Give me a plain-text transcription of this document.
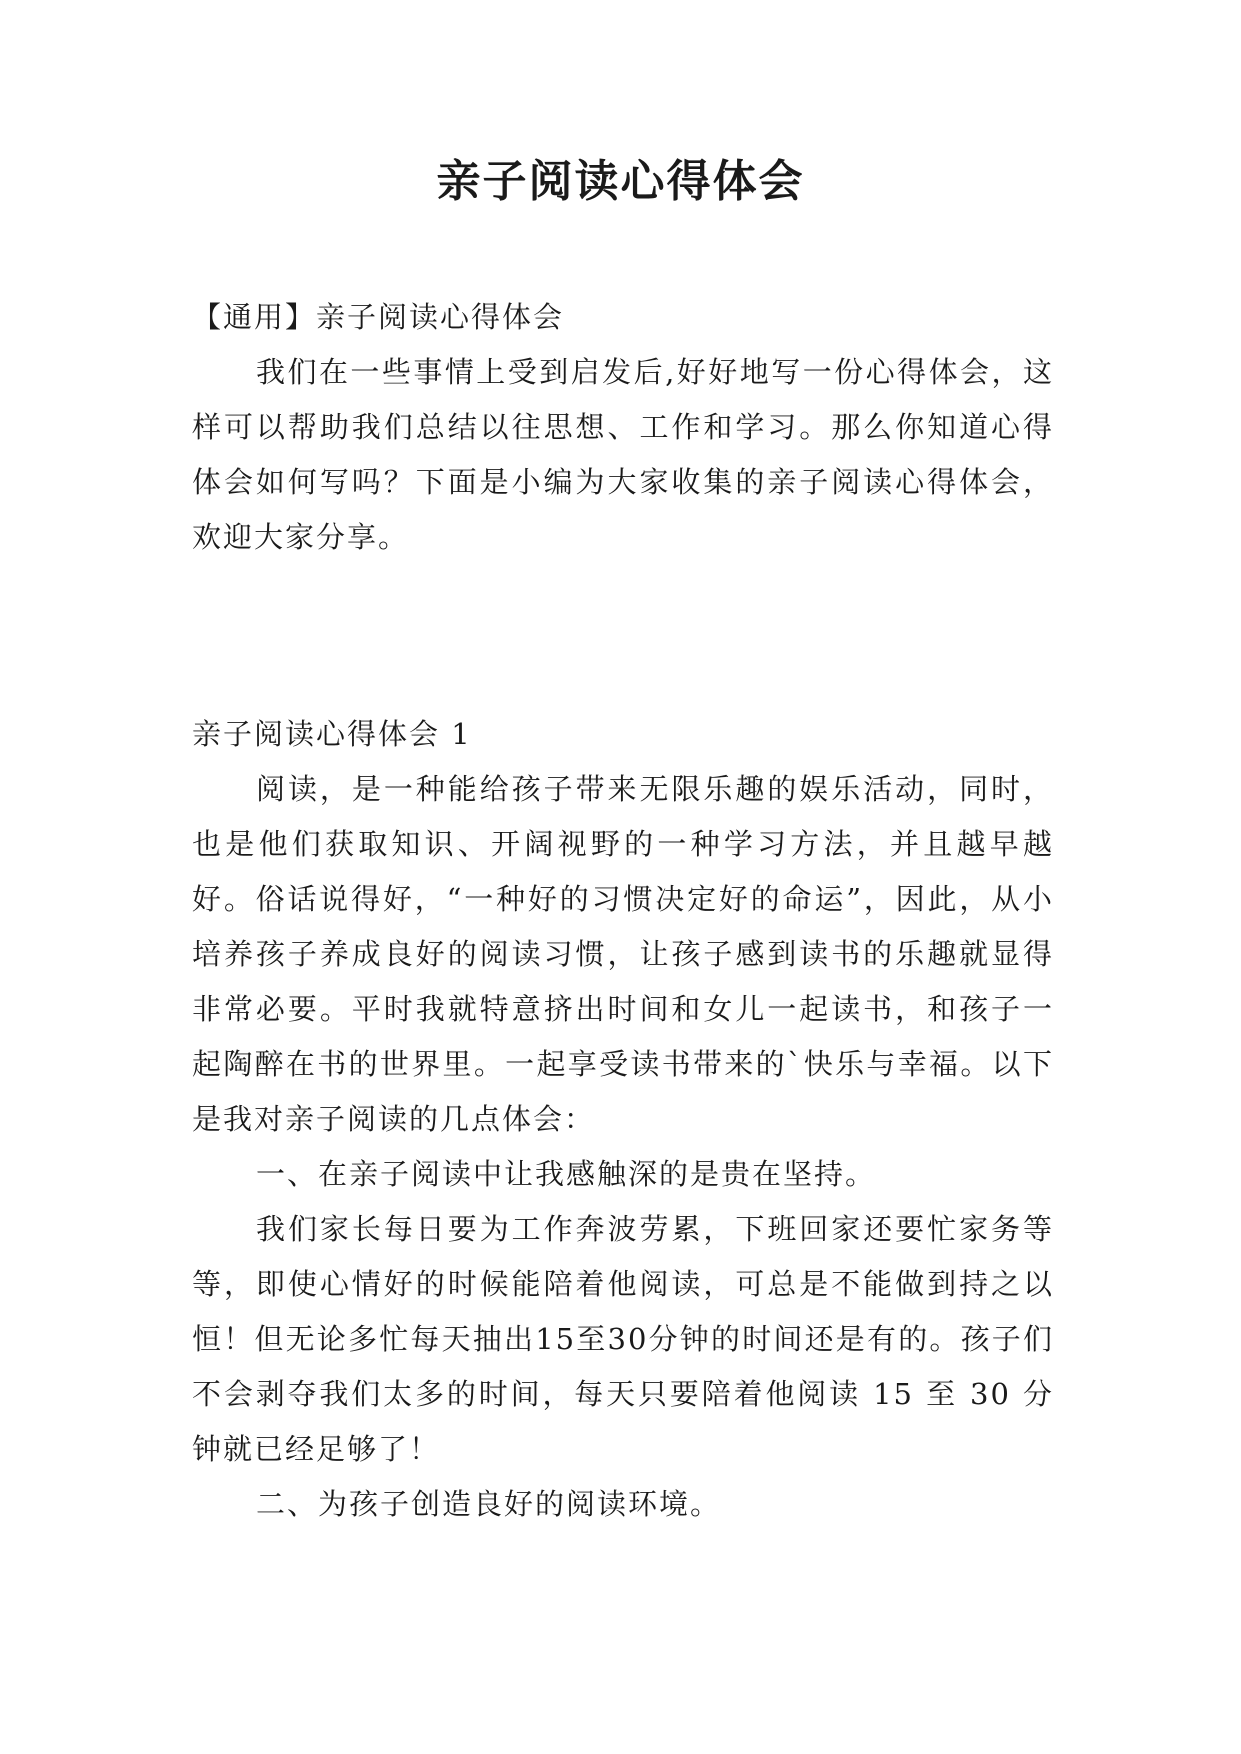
亲子阅读心得体会

【通用】亲子阅读心得体会

我们在一些事情上受到启发后,好好地写一份心得体会，这样可以帮助我们总结以往思想、工作和学习。那么你知道心得体会如何写吗？下面是小编为大家收集的亲子阅读心得体会，欢迎大家分享。

亲子阅读心得体会 1

阅读，是一种能给孩子带来无限乐趣的娱乐活动，同时，也是他们获取知识、开阔视野的一种学习方法，并且越早越好。俗话说得好，“一种好的习惯决定好的命运”，因此，从小培养孩子养成良好的阅读习惯，让孩子感到读书的乐趣就显得非常必要。平时我就特意挤出时间和女儿一起读书，和孩子一起陶醉在书的世界里。一起享受读书带来的`快乐与幸福。以下是我对亲子阅读的几点体会：

一、在亲子阅读中让我感触深的是贵在坚持。

我们家长每日要为工作奔波劳累，下班回家还要忙家务等等，即使心情好的时候能陪着他阅读，可总是不能做到持之以恒！但无论多忙每天抽出15至30分钟的时间还是有的。孩子们不会剥夺我们太多的时间，每天只要陪着他阅读 15 至 30 分钟就已经足够了！

二、为孩子创造良好的阅读环境。
